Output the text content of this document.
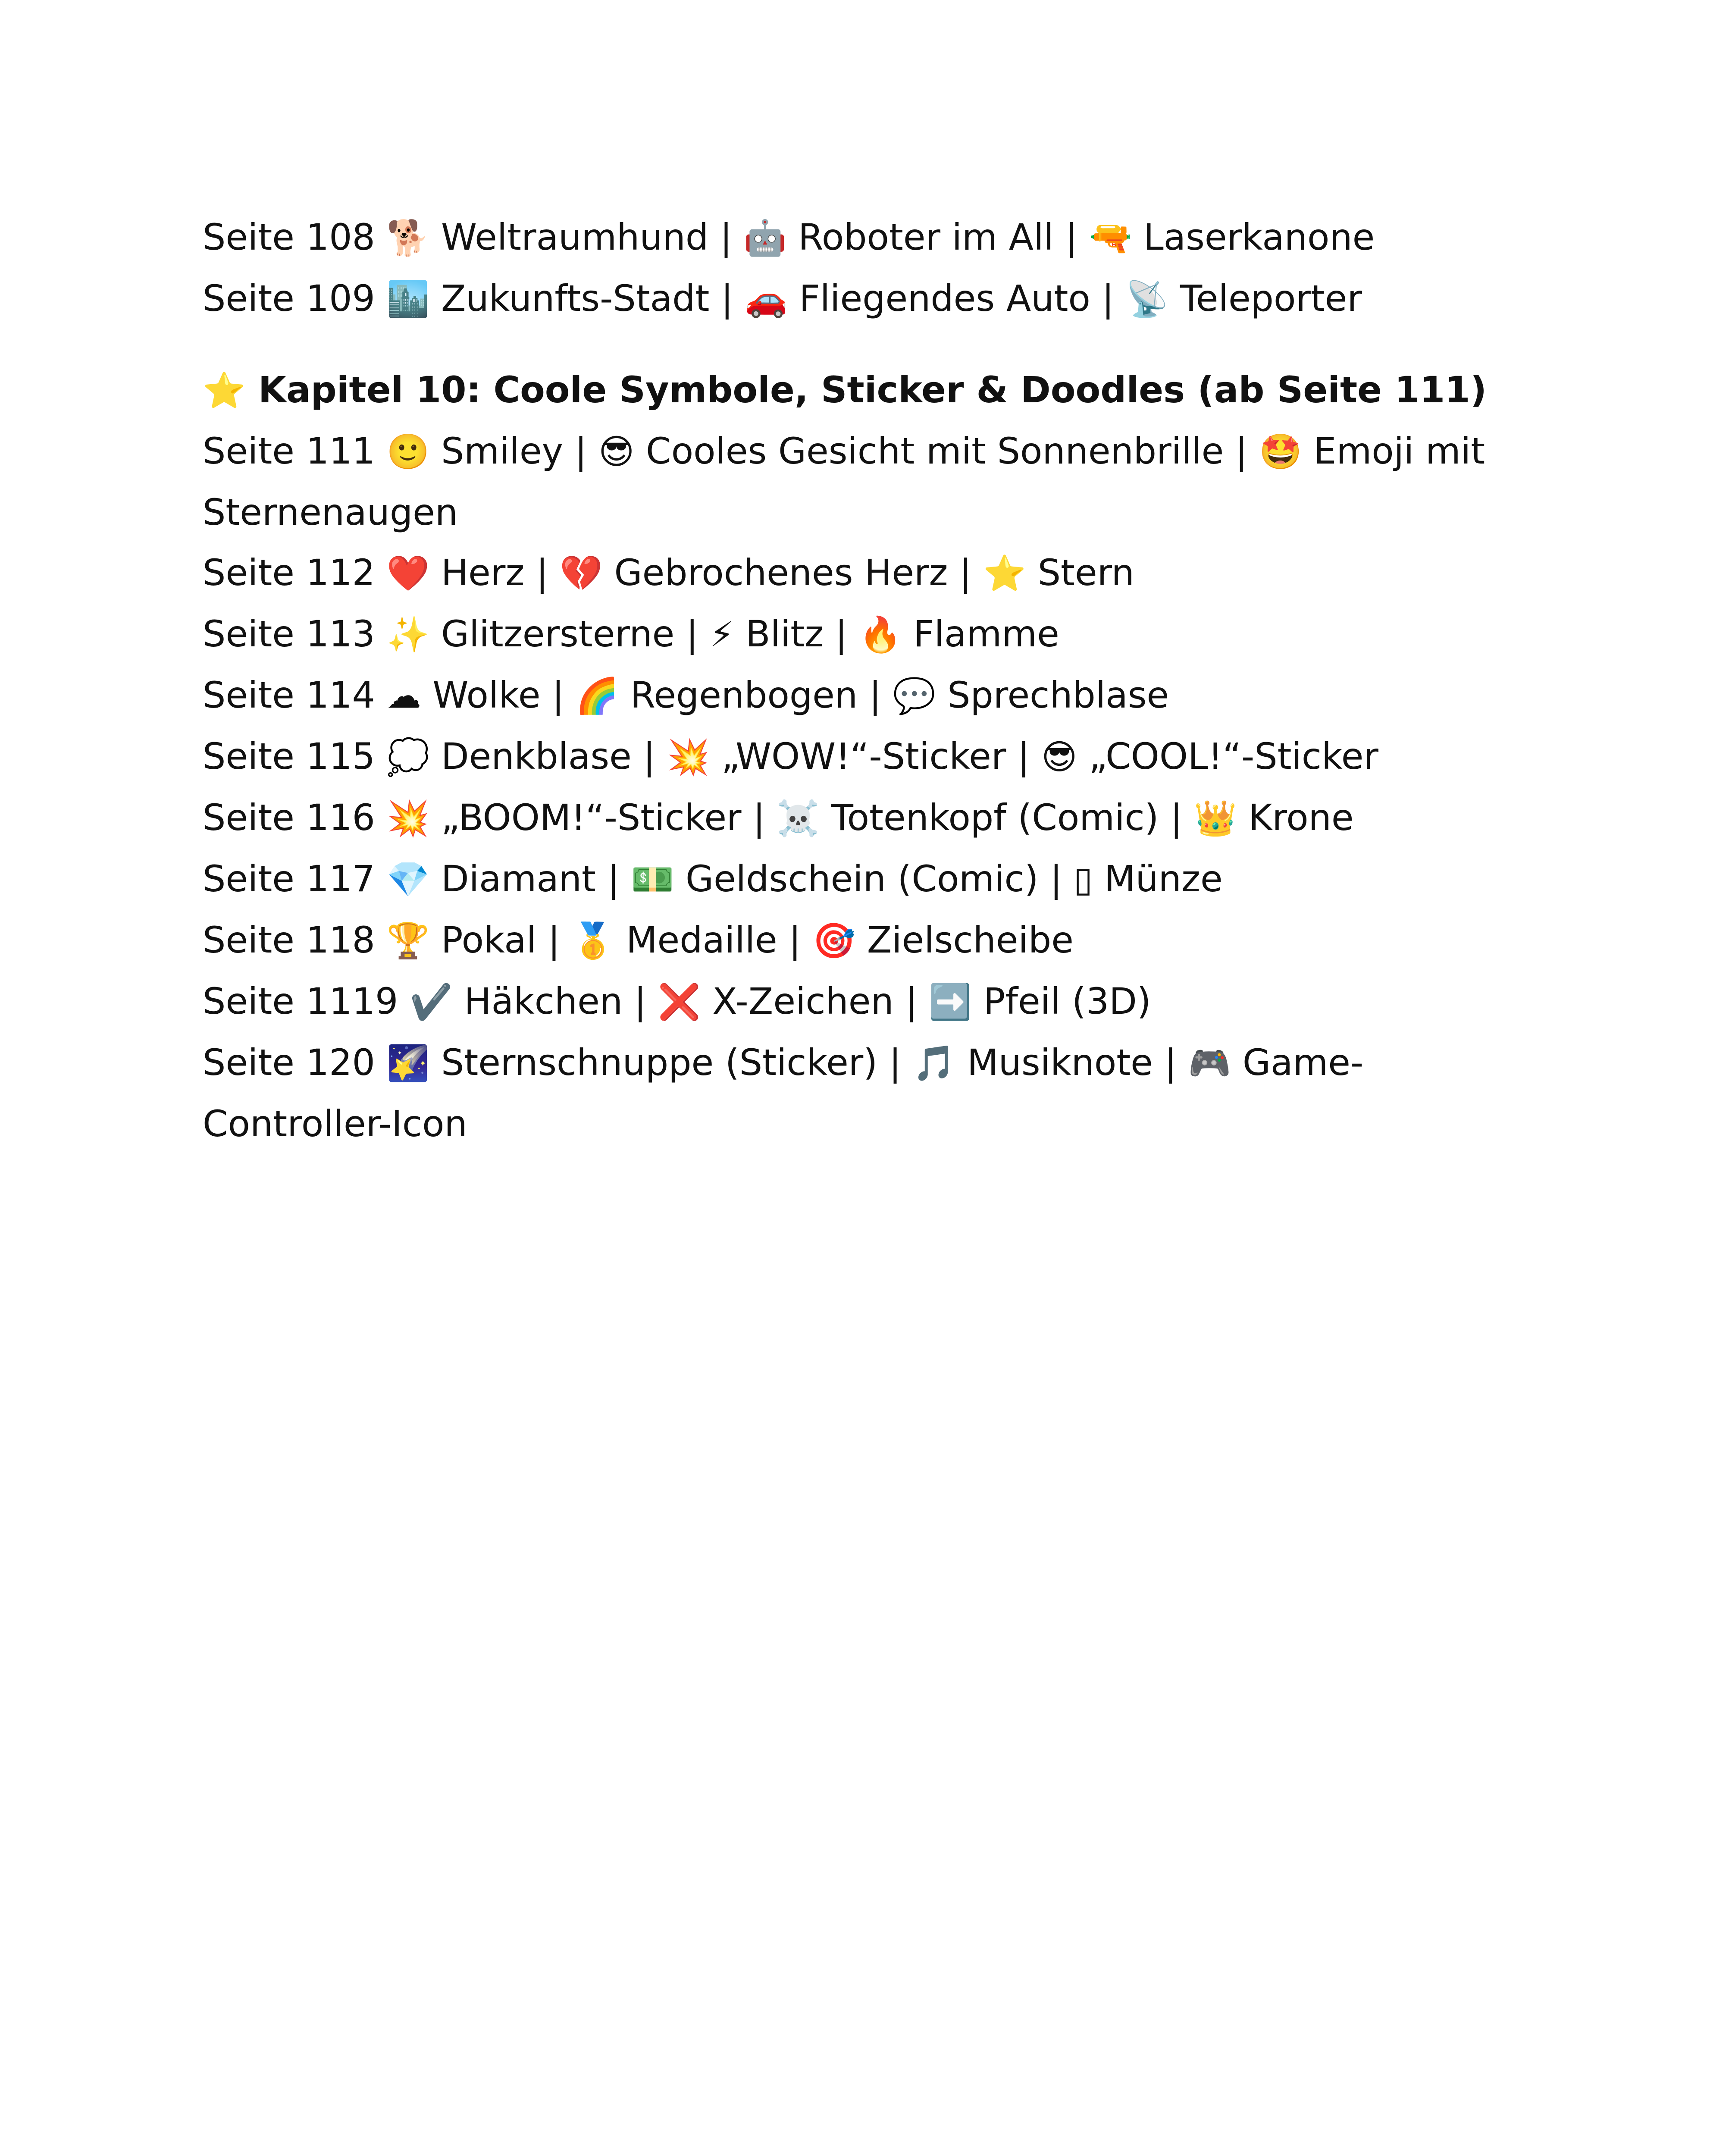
Seite 108 🐕 Weltraumhund | 🤖 Roboter im All | 🔫 Laserkanone
Seite 109 🏙️ Zukunfts-Stadt | 🚗 Fliegendes Auto | 📡 Teleporter
⭐ Kapitel 10: Coole Symbole, Sticker & Doodles (ab Seite 111)
Seite 111 🙂 Smiley | 😎 Cooles Gesicht mit Sonnenbrille | 🤩 Emoji mit Sternenaugen
Seite 112 ❤️ Herz | 💔 Gebrochenes Herz | ⭐ Stern
Seite 113 ✨ Glitzersterne | ⚡ Blitz | 🔥 Flamme
Seite 114 ☁ Wolke | 🌈 Regenbogen | 💬 Sprechblase
Seite 115 💭 Denkblase | 💥 „WOW!“-Sticker | 😎 „COOL!“-Sticker
Seite 116 💥 „BOOM!“-Sticker | ☠️ Totenkopf (Comic) | 👑 Krone
Seite 117 💎 Diamant | 💵 Geldschein (Comic) | ▯ Münze
Seite 118 🏆 Pokal | 🥇 Medaille | 🎯 Zielscheibe
Seite 1119 ✔️ Häkchen | ❌ X-Zeichen | ➡️ Pfeil (3D)
Seite 120 🌠 Sternschnuppe (Sticker) | 🎵 Musiknote | 🎮 Game-Controller-Icon
